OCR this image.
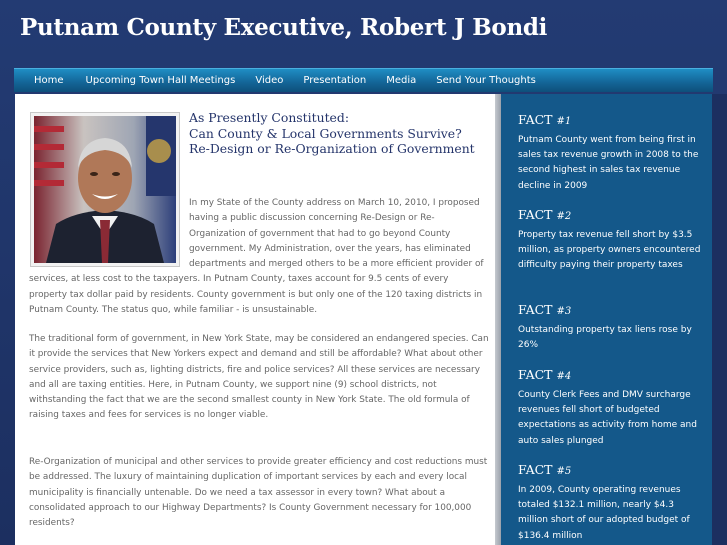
Putnam County Executive, Robert J Bondi
Home	Upcoming Town Hall Meetings	Video	Presentation	Media	Send Your Thoughts
As Presently Constituted:
Can County & Local Governments Survive?
Re-Design or Re-Organization of Government
In my State of the County address on March 10, 2010, I proposed having a public discussion concerning Re-Design or Re-Organization of government that had to go beyond County government. My Administration, over the years, has eliminated departments and merged others to be a more efficient provider of services, at less cost to the taxpayers. In Putnam County, taxes account for 9.5 cents of every property tax dollar paid by residents. County government is but only one of the 120 taxing districts in Putnam County. The status quo, while familiar - is unsustainable.

The traditional form of government, in New York State, may be considered an endangered species. Can it provide the services that New Yorkers expect and demand and still be affordable? What about other service providers, such as, lighting districts, fire and police services? All these services are necessary and all are taxing entities. Here, in Putnam County, we support nine (9) school districts, not withstanding the fact that we are the second smallest county in New York State. The old formula of raising taxes and fees for services is no longer viable.

Re-Organization of municipal and other services to provide greater efficiency and cost reductions must be addressed. The luxury of maintaining duplication of important services by each and every local municipality is financially untenable. Do we need a tax assessor in every town? What about a consolidated approach to our Highway Departments? Is County Government necessary for 100,000 residents?

FACT #1

Putnam County went from being first in sales tax revenue growth in 2008 to the second highest in sales tax revenue decline in 2009

FACT #2

Property tax revenue fell short by $3.5 million, as property owners encountered difficulty paying their property taxes

FACT #3

Outstanding property tax liens rose by 26%

FACT #4

County Clerk Fees and DMV surcharge revenues fell short of budgeted expectations as activity from home and auto sales plunged

FACT #5

In 2009, County operating revenues totaled $132.1 million, nearly $4.3 million short of our adopted budget of $136.4 million
